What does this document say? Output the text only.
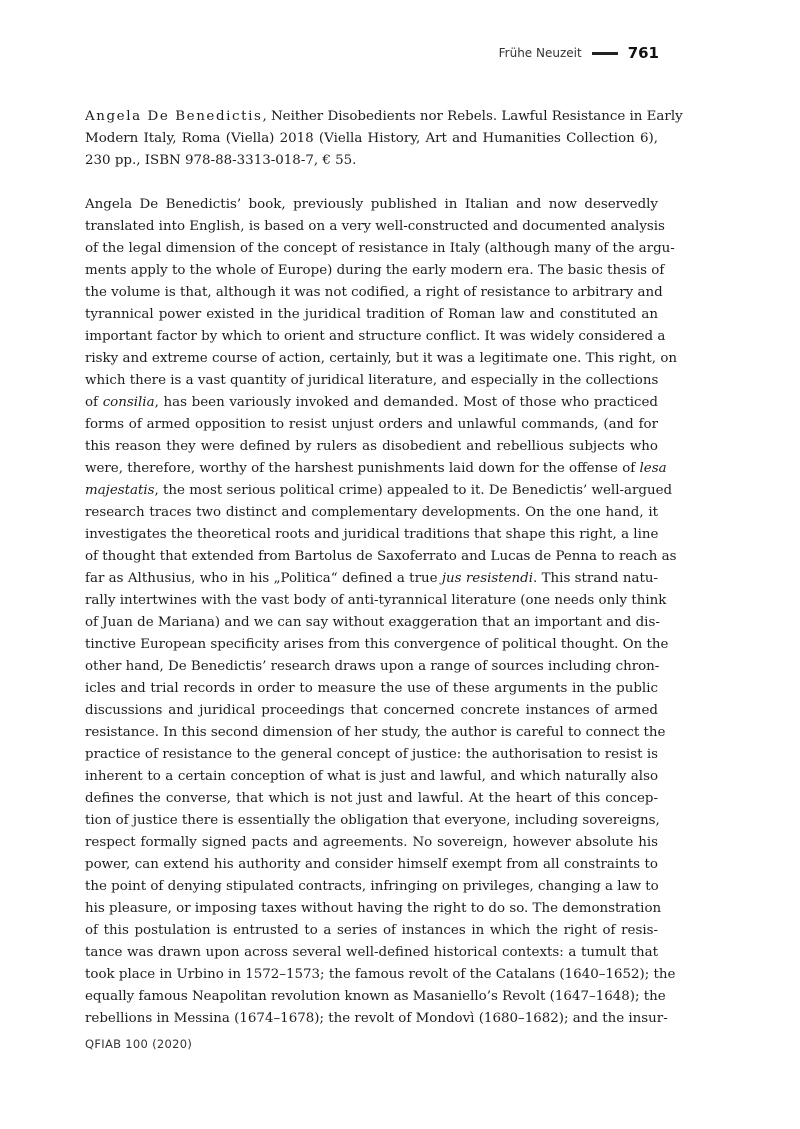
Frühe Neuzeit	761
Angela De Benedictis, Neither Disobedients nor Rebels. Lawful Resistance in Early
Modern Italy, Roma (Viella) 2018 (Viella History, Art and Humanities Collection 6),
230 pp., ISBN 978-88-3313-018-7, € 55.
Angela De Benedictis’ book, previously published in Italian and now deservedly
translated into English, is based on a very well-constructed and documented analysis
of the legal dimension of the concept of resistance in Italy (although many of the argu-
ments apply to the whole of Europe) during the early modern era. The basic thesis of
the volume is that, although it was not codified, a right of resistance to arbitrary and
tyrannical power existed in the juridical tradition of Roman law and constituted an
important factor by which to orient and structure conflict. It was widely considered a
risky and extreme course of action, certainly, but it was a legitimate one. This right, on
which there is a vast quantity of juridical literature, and especially in the collections
of consilia, has been variously invoked and demanded. Most of those who practiced
forms of armed opposition to resist unjust orders and unlawful commands, (and for
this reason they were defined by rulers as disobedient and rebellious subjects who
were, therefore, worthy of the harshest punishments laid down for the offense of lesa
majestatis, the most serious political crime) appealed to it. De Benedictis’ well-argued
research traces two distinct and complementary developments. On the one hand, it
investigates the theoretical roots and juridical traditions that shape this right, a line
of thought that extended from Bartolus de Saxoferrato and Lucas de Penna to reach as
far as Althusius, who in his „Politica“ defined a true jus resistendi. This strand natu-
rally intertwines with the vast body of anti-tyrannical literature (one needs only think
of Juan de Mariana) and we can say without exaggeration that an important and dis-
tinctive European specificity arises from this convergence of political thought. On the
other hand, De Benedictis’ research draws upon a range of sources including chron-
icles and trial records in order to measure the use of these arguments in the public
discussions and juridical proceedings that concerned concrete instances of armed
resistance. In this second dimension of her study, the author is careful to connect the
practice of resistance to the general concept of justice: the authorisation to resist is
inherent to a certain conception of what is just and lawful, and which naturally also
defines the converse, that which is not just and lawful. At the heart of this concep-
tion of justice there is essentially the obligation that everyone, including sovereigns,
respect formally signed pacts and agreements. No sovereign, however absolute his
power, can extend his authority and consider himself exempt from all constraints to
the point of denying stipulated contracts, infringing on privileges, changing a law to
his pleasure, or imposing taxes without having the right to do so. The demonstration
of this postulation is entrusted to a series of instances in which the right of resis-
tance was drawn upon across several well-defined historical contexts: a tumult that
took place in Urbino in 1572–1573; the famous revolt of the Catalans (1640–1652); the
equally famous Neapolitan revolution known as Masaniello’s Revolt (1647–1648); the
rebellions in Messina (1674–1678); the revolt of Mondovì (1680–1682); and the insur-
QFIAB 100 (2020)
